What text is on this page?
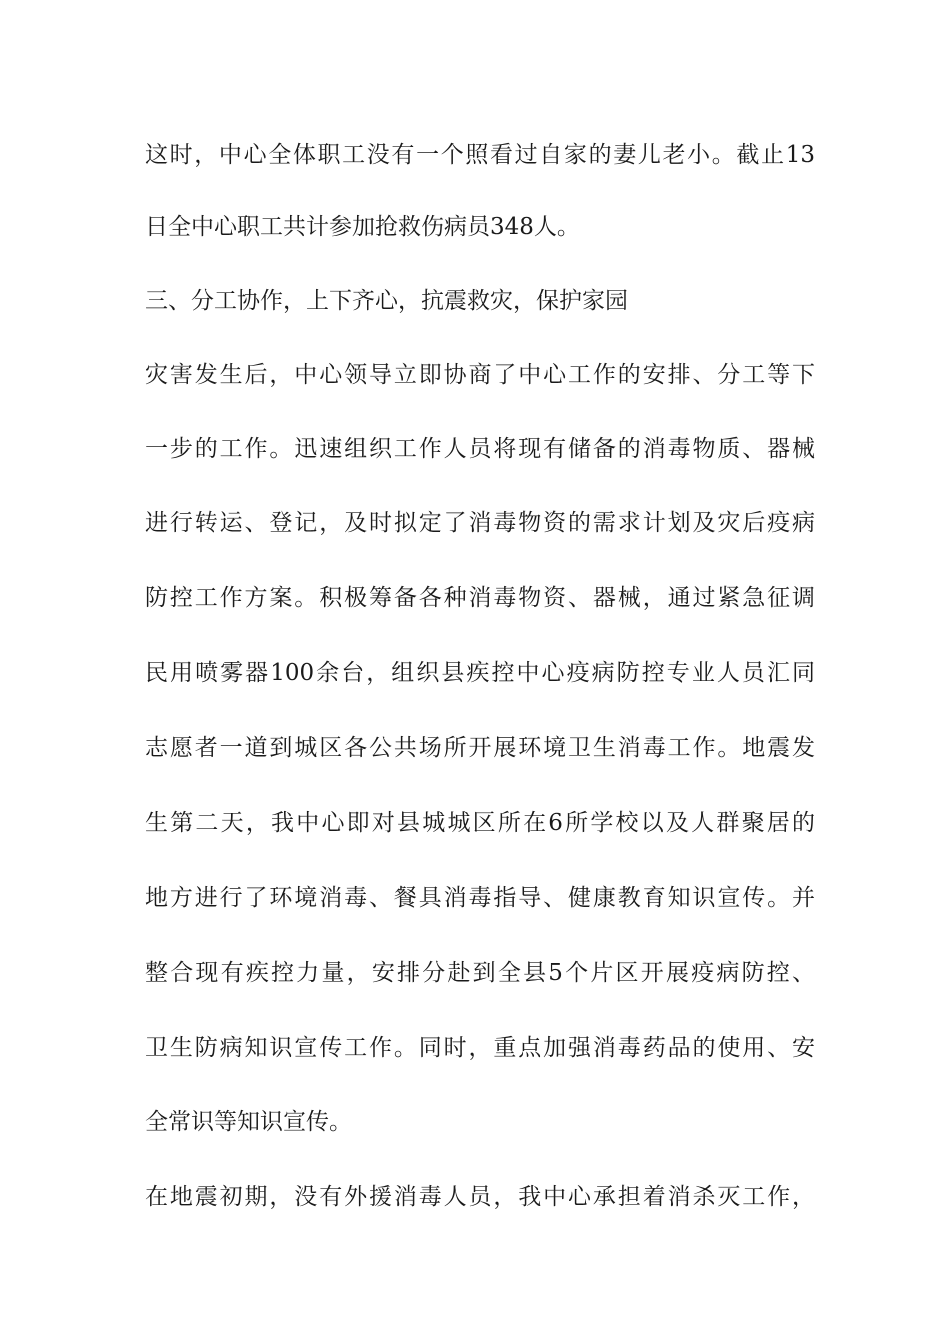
这时，中心全体职工没有一个照看过自家的妻儿老小。截止13
日全中心职工共计参加抢救伤病员348人。
三、分工协作，上下齐心，抗震救灾，保护家园
灾害发生后，中心领导立即协商了中心工作的安排、分工等下
一步的工作。迅速组织工作人员将现有储备的消毒物质、器械
进行转运、登记，及时拟定了消毒物资的需求计划及灾后疫病
防控工作方案。积极筹备各种消毒物资、器械，通过紧急征调
民用喷雾器100余台，组织县疾控中心疫病防控专业人员汇同
志愿者一道到城区各公共场所开展环境卫生消毒工作。地震发
生第二天，我中心即对县城城区所在6所学校以及人群聚居的
地方进行了环境消毒、餐具消毒指导、健康教育知识宣传。并
整合现有疾控力量，安排分赴到全县5个片区开展疫病防控、
卫生防病知识宣传工作。同时，重点加强消毒药品的使用、安
全常识等知识宣传。
在地震初期，没有外援消毒人员，我中心承担着消杀灭工作，
